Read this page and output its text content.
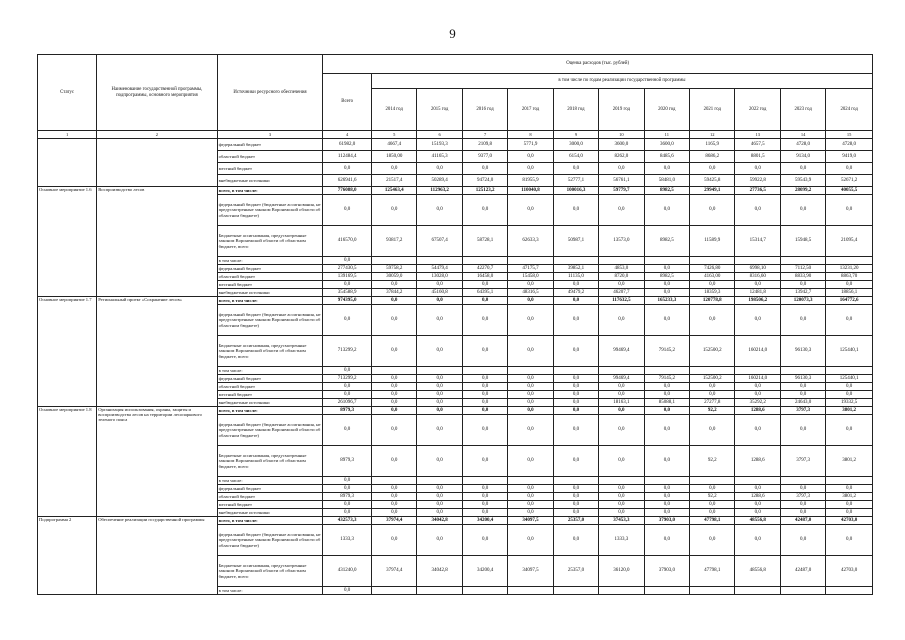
9
Статус	Наименование государственной программы, подпрограммы, основного мероприятия	Источники ресурсного обеспечения	Оценка расходов (тыс. рублей)											
			Всего	в том числе по годам реализации государственной программы										
				2014 год	2015 год	2016 год	2017 год	2018 год	2019 год	2020 год	2021 год	2022 год	2023 год	2024 год
1	2	3	4	5	6	7	8	9	10	11	12	13	14	15
		федеральный бюджет	61982,0	4667,4	15193,3	2109,8	5771,9	3000,0	3600,0	3600,0	1165,9	4657,5	4728,0	4728,0
		областной бюджет	112484,4	1850,00	41165,3	9377,0	0,0	6154,0	8262,0	8485,6	8686,2	8801,5	9134,0	9419,0
		местный бюджет	0,0	0,0	0,0	0,0	0,0	0,0	0,0	0,0	0,0	0,0	0,0	0,0
		внебюджетные источники	626941,6	21517,4	50289,4	94724,0	81955,9	52777,1	56761,1	58481,0	59425,8	59922,8	59543,9	52671,2
Основное мероприятие 1.6	Воспроизводство лесов	всего, в том числе:	776088,0	125463,4	112963,2	125123,2	110040,8	100016,3	59779,7	8982,5	29949,1	27736,5	28099,2	40055,5
		федеральный бюджет (бюджетные ассигнования, не предусмотренные законом Воронежской области об областном бюджете)	0,0	0,0	0,0	0,0	0,0	0,0	0,0	0,0	0,0	0,0	0,0	0,0
		Бюджетные ассигнования, предусмотренные законом Воронежской области об областном бюджете, всего	416570,0	93817,2	67507,4	58728,1	62633,3	50987,1	13573,0	8982,5	11589,9	15314,7	15948,5	21095,4
		в том числе:	0,0											
		федеральный бюджет	277430,5	59758,2	54479,4	42270,7	47175,7	39852,1	4853,0	0,0	7426,80	6998,10	7112,50	13231,20
		областной бюджет	139169,5	30059,0	13028,0	16458,0	15458,0	11135,0	8720,0	8982,5	4163,00	8316,60	8833,90	8863,70
		местный бюджет	0,0	0,0	0,0	0,0	0,0	0,0	0,0	0,0	0,0	0,0	0,0	0,0
		внебюджетные источники	354588,9	37844,2	45160,8	64395,1	48316,5	49479,2	46207,7	0,0	18359,3	12481,8	13942,7	18856,1
Основное мероприятие 1.7	Региональный проект «Сохранение лесов»	всего, в том числе:	974395,0	0,0	0,0	0,0	0,0	0,0	117632,5	165233,3	120778,8	198506,2	120073,3	164772,6
		федеральный бюджет (бюджетные ассигнования, не предусмотренные законом Воронежской области об областном бюджете)	0,0	0,0	0,0	0,0	0,0	0,0	0,0	0,0	0,0	0,0	0,0	0,0
		Бюджетные ассигнования, предусмотренные законом Воронежской области об областном бюджете, всего	713299,2	0,0	0,0	0,0	0,0	0,0	99469,4	79145,2	152500,2	160214,0	96130,3	125440,1
		в том числе:	0,0											
		федеральный бюджет	713299,2	0,0	0,0	0,0	0,0	0,0	99469,4	79145,2	152500,2	160214,0	96130,3	125440,1
		областной бюджет	0,0	0,0	0,0	0,0	0,0	0,0	0,0	0,0	0,0	0,0	0,0	0,0
		местный бюджет	0,0	0,0	0,0	0,0	0,0	0,0	0,0	0,0	0,0	0,0	0,0	0,0
		внебюджетные источники	261096,7	0,0	0,0	0,0	0,0	0,0	18163,1	85088,1	27277,8	35292,2	24643,0	19332,5
Основное мероприятие 1.8	Организация использования, охраны, защиты и воспроизводства лесов на территории лесопаркового зеленого пояса	всего, в том числе:	8979,3	0,0	0,0	0,0	0,0	0,0	0,0	0,0	92,2	1288,6	3797,3	3801,2
		федеральный бюджет (бюджетные ассигнования, не предусмотренные законом Воронежской области об областном бюджете)	0,0	0,0	0,0	0,0	0,0	0,0	0,0	0,0	0,0	0,0	0,0	0,0
		Бюджетные ассигнования, предусмотренные законом Воронежской области об областном бюджете, всего	8979,3	0,0	0,0	0,0	0,0	0,0	0,0	0,0	92,2	1288,6	3797,3	3801,2
		в том числе:	0,0											
		федеральный бюджет	0,0	0,0	0,0	0,0	0,0	0,0	0,0	0,0	0,0	0,0	0,0	0,0
		областной бюджет	8979,3	0,0	0,0	0,0	0,0	0,0	0,0	0,0	92,2	1288,6	3797,3	3801,2
		местный бюджет	0,0	0,0	0,0	0,0	0,0	0,0	0,0	0,0	0,0	0,0	0,0	0,0
		внебюджетные источники	0,0	0,0	0,0	0,0	0,0	0,0	0,0	0,0	0,0	0,0	0,0	0,0
Подпрограмма 2	Обеспечение реализации государственной программы	всего, в том числе:	432573,3	37974,4	34042,8	34200,4	34097,5	25357,0	37453,3	37903,0	47798,1	48556,8	42487,0	42703,0
		федеральный бюджет (бюджетные ассигнования, не предусмотренные законом Воронежской области об областном бюджете)	1333,3	0,0	0,0	0,0	0,0	0,0	1333,3	0,0	0,0	0,0	0,0	0,0
		Бюджетные ассигнования, предусмотренные законом Воронежской области об областном бюджете, всего	431240,0	37974,4	34042,8	34200,4	34097,5	25357,0	36120,0	37903,0	47798,1	48556,8	42487,0	42703,0
		в том числе:	0,0											
